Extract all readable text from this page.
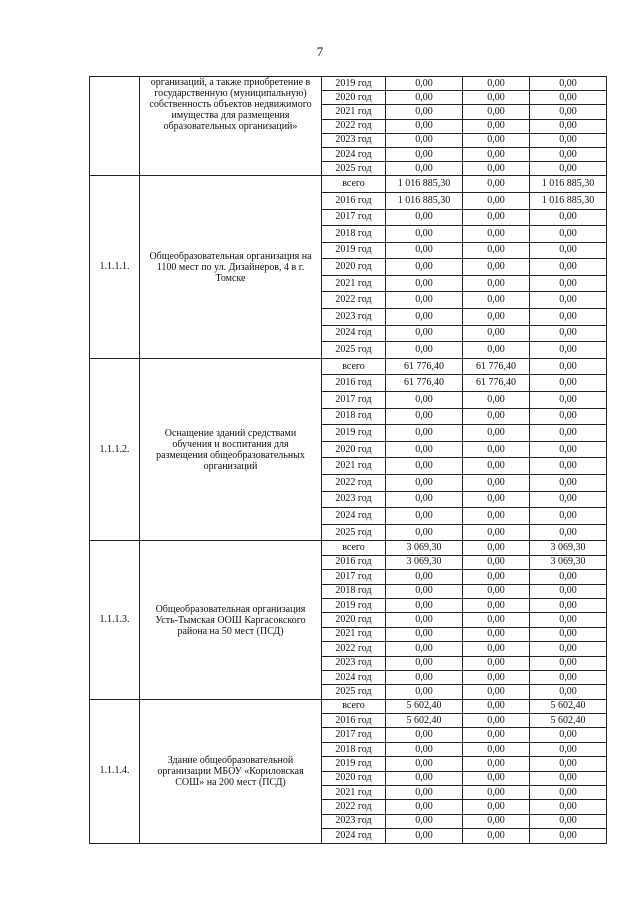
7
	организаций, а также приобретение в государственную (муниципальную) собственность объектов недвижимого имущества для размещения образовательных организаций»	2019 год	0,00	0,00	0,00
		2020 год	0,00	0,00	0,00
		2021 год	0,00	0,00	0,00
		2022 год	0,00	0,00	0,00
		2023 год	0,00	0,00	0,00
		2024 год	0,00	0,00	0,00
		2025 год	0,00	0,00	0,00
1.1.1.1.	Общеобразовательная организация на 1100 мест по ул. Дизайнеров, 4 в г. Томске	всего	1 016 885,30	0,00	1 016 885,30
		2016 год	1 016 885,30	0,00	1 016 885,30
		2017 год	0,00	0,00	0,00
		2018 год	0,00	0,00	0,00
		2019 год	0,00	0,00	0,00
		2020 год	0,00	0,00	0,00
		2021 год	0,00	0,00	0,00
		2022 год	0,00	0,00	0,00
		2023 год	0,00	0,00	0,00
		2024 год	0,00	0,00	0,00
		2025 год	0,00	0,00	0,00
1.1.1.2.	Оснащение зданий средствами обучения и воспитания для размещения общеобразовательных организаций	всего	61 776,40	61 776,40	0,00
		2016 год	61 776,40	61 776,40	0,00
		2017 год	0,00	0,00	0,00
		2018 год	0,00	0,00	0,00
		2019 год	0,00	0,00	0,00
		2020 год	0,00	0,00	0,00
		2021 год	0,00	0,00	0,00
		2022 год	0,00	0,00	0,00
		2023 год	0,00	0,00	0,00
		2024 год	0,00	0,00	0,00
		2025 год	0,00	0,00	0,00
1.1.1.3.	Общеобразовательная организация Усть-Тымская ООШ Каргасокского района на 50 мест (ПСД)	всего	3 069,30	0,00	3 069,30
		2016 год	3 069,30	0,00	3 069,30
		2017 год	0,00	0,00	0,00
		2018 год	0,00	0,00	0,00
		2019 год	0,00	0,00	0,00
		2020 год	0,00	0,00	0,00
		2021 год	0,00	0,00	0,00
		2022 год	0,00	0,00	0,00
		2023 год	0,00	0,00	0,00
		2024 год	0,00	0,00	0,00
		2025 год	0,00	0,00	0,00
1.1.1.4.	Здание общеобразовательной организации МБОУ «Кориловская СОШ» на 200 мест (ПСД)	всего	5 602,40	0,00	5 602,40
		2016 год	5 602,40	0,00	5 602,40
		2017 год	0,00	0,00	0,00
		2018 год	0,00	0,00	0,00
		2019 год	0,00	0,00	0,00
		2020 год	0,00	0,00	0,00
		2021 год	0,00	0,00	0,00
		2022 год	0,00	0,00	0,00
		2023 год	0,00	0,00	0,00
		2024 год	0,00	0,00	0,00
